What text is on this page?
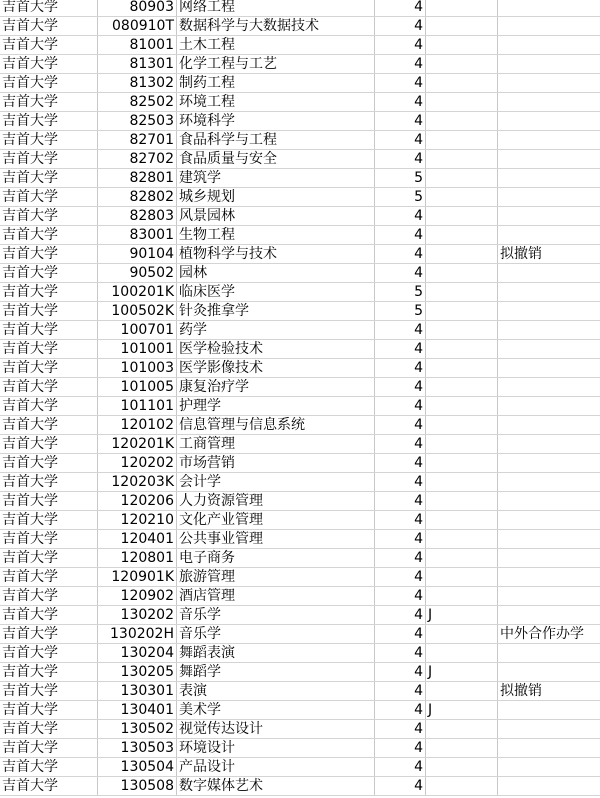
吉首大学	80903	网络工程	4		
吉首大学	080910T	数据科学与大数据技术	4		
吉首大学	81001	土木工程	4		
吉首大学	81301	化学工程与工艺	4		
吉首大学	81302	制药工程	4		
吉首大学	82502	环境工程	4		
吉首大学	82503	环境科学	4		
吉首大学	82701	食品科学与工程	4		
吉首大学	82702	食品质量与安全	4		
吉首大学	82801	建筑学	5		
吉首大学	82802	城乡规划	5		
吉首大学	82803	风景园林	4		
吉首大学	83001	生物工程	4		
吉首大学	90104	植物科学与技术	4		拟撤销
吉首大学	90502	园林	4		
吉首大学	100201K	临床医学	5		
吉首大学	100502K	针灸推拿学	5		
吉首大学	100701	药学	4		
吉首大学	101001	医学检验技术	4		
吉首大学	101003	医学影像技术	4		
吉首大学	101005	康复治疗学	4		
吉首大学	101101	护理学	4		
吉首大学	120102	信息管理与信息系统	4		
吉首大学	120201K	工商管理	4		
吉首大学	120202	市场营销	4		
吉首大学	120203K	会计学	4		
吉首大学	120206	人力资源管理	4		
吉首大学	120210	文化产业管理	4		
吉首大学	120401	公共事业管理	4		
吉首大学	120801	电子商务	4		
吉首大学	120901K	旅游管理	4		
吉首大学	120902	酒店管理	4		
吉首大学	130202	音乐学	4	J	
吉首大学	130202H	音乐学	4		中外合作办学
吉首大学	130204	舞蹈表演	4		
吉首大学	130205	舞蹈学	4	J	
吉首大学	130301	表演	4		拟撤销
吉首大学	130401	美术学	4	J	
吉首大学	130502	视觉传达设计	4		
吉首大学	130503	环境设计	4		
吉首大学	130504	产品设计	4		
吉首大学	130508	数字媒体艺术	4		
